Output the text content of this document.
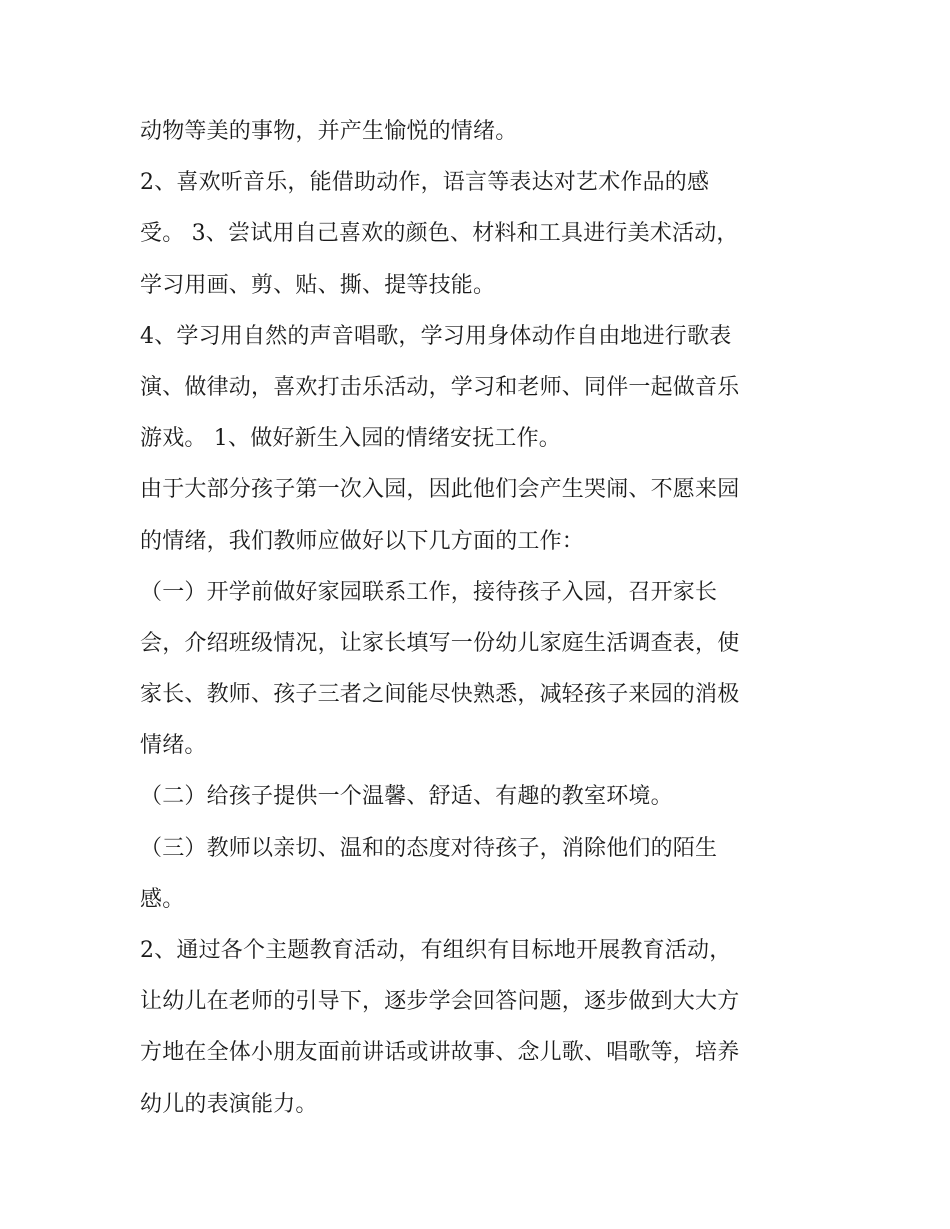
动物等美的事物，并产生愉悦的情绪。
2、喜欢听音乐，能借助动作，语言等表达对艺术作品的感
受。 3、尝试用自己喜欢的颜色、材料和工具进行美术活动，
学习用画、剪、贴、撕、提等技能。
4、学习用自然的声音唱歌，学习用身体动作自由地进行歌表
演、做律动，喜欢打击乐活动，学习和老师、同伴一起做音乐
游戏。 1、做好新生入园的情绪安抚工作。
由于大部分孩子第一次入园，因此他们会产生哭闹、不愿来园
的情绪，我们教师应做好以下几方面的工作：
（一）开学前做好家园联系工作，接待孩子入园，召开家长
会，介绍班级情况，让家长填写一份幼儿家庭生活调查表，使
家长、教师、孩子三者之间能尽快熟悉，减轻孩子来园的消极
情绪。
（二）给孩子提供一个温馨、舒适、有趣的教室环境。
（三）教师以亲切、温和的态度对待孩子，消除他们的陌生
感。
2、通过各个主题教育活动，有组织有目标地开展教育活动，
让幼儿在老师的引导下，逐步学会回答问题，逐步做到大大方
方地在全体小朋友面前讲话或讲故事、念儿歌、唱歌等，培养
幼儿的表演能力。
